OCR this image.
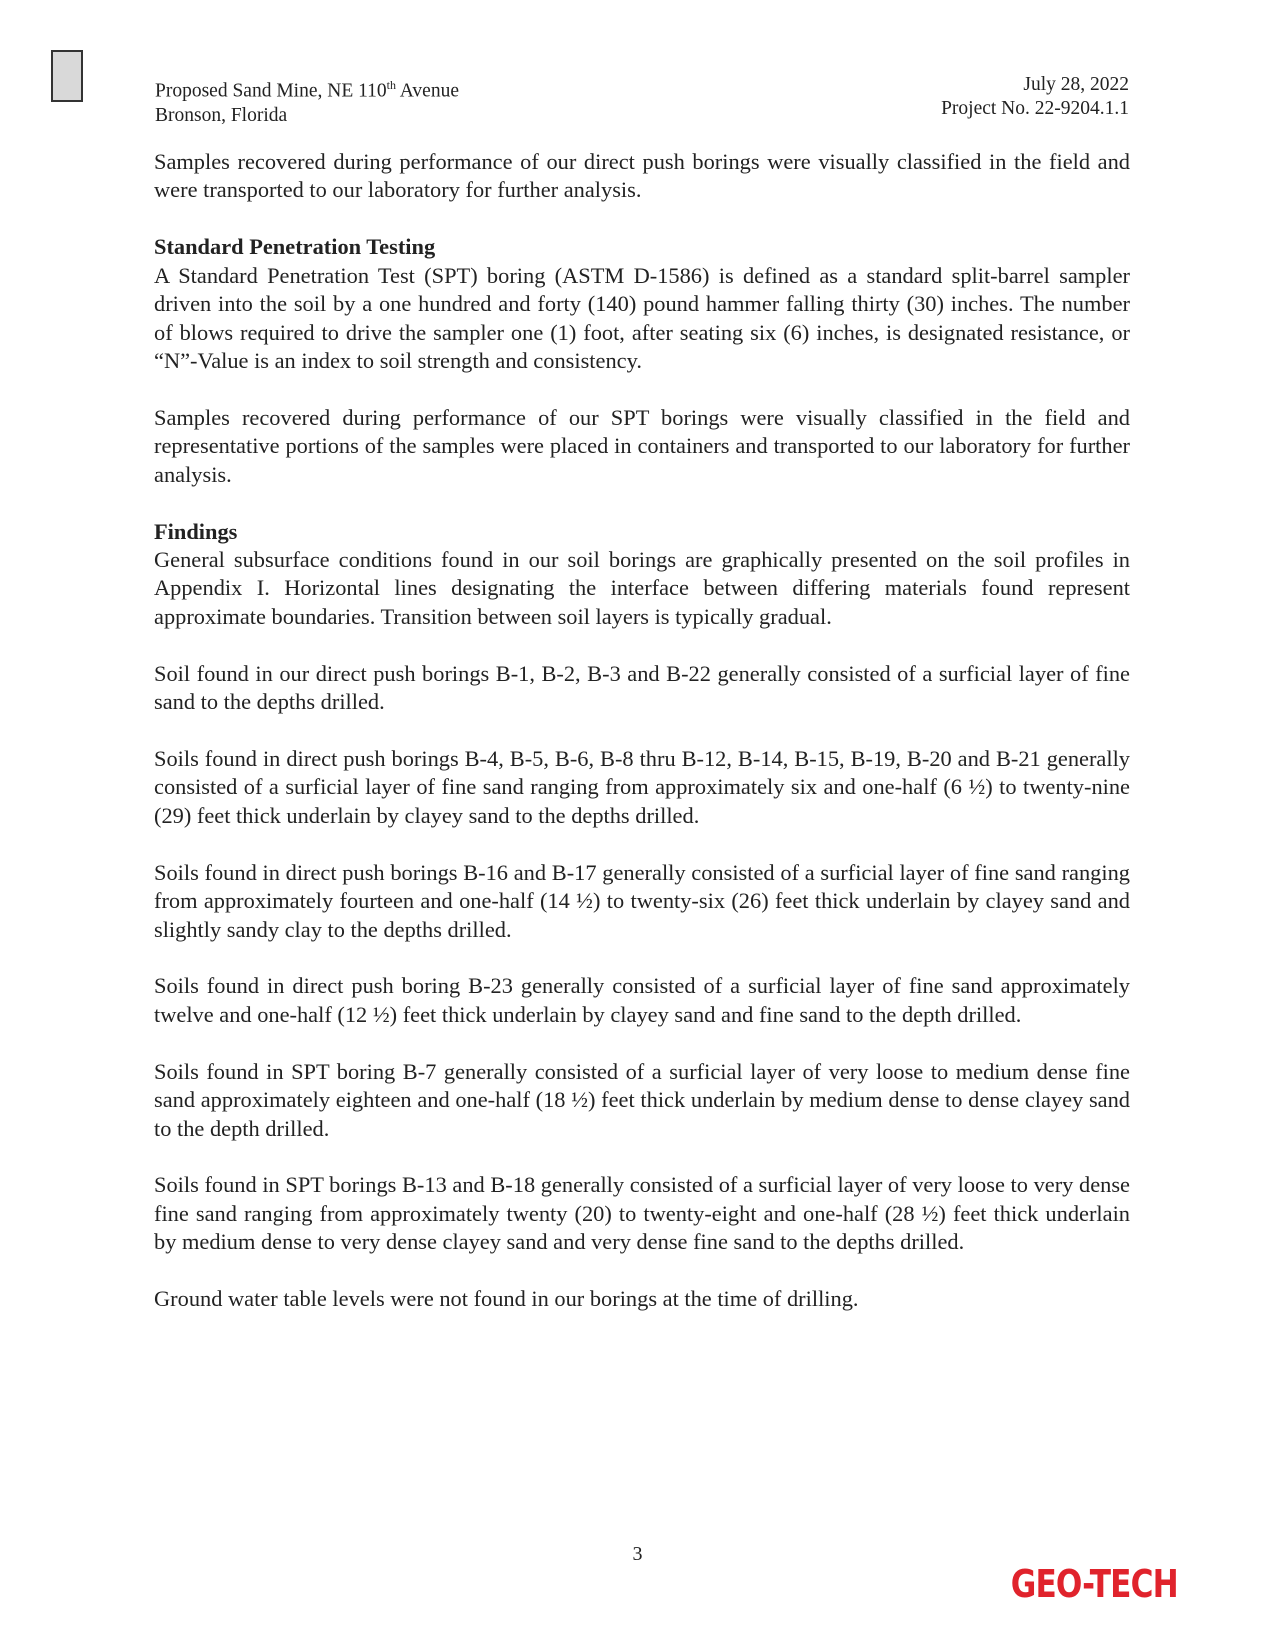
Proposed Sand Mine, NE 110th Avenue
Bronson, Florida
July 28, 2022
Project No. 22-9204.1.1

Samples recovered during performance of our direct push borings were visually classified in the field and were transported to our laboratory for further analysis.

Standard Penetration Testing

A Standard Penetration Test (SPT) boring (ASTM D-1586) is defined as a standard split-barrel sampler driven into the soil by a one hundred and forty (140) pound hammer falling thirty (30) inches. The number of blows required to drive the sampler one (1) foot, after seating six (6) inches, is designated resistance, or “N”-Value is an index to soil strength and consistency.

Samples recovered during performance of our SPT borings were visually classified in the field and representative portions of the samples were placed in containers and transported to our laboratory for further analysis.

Findings

General subsurface conditions found in our soil borings are graphically presented on the soil profiles in Appendix I. Horizontal lines designating the interface between differing materials found represent approximate boundaries. Transition between soil layers is typically gradual.

Soil found in our direct push borings B-1, B-2, B-3 and B-22 generally consisted of a surficial layer of fine sand to the depths drilled.

Soils found in direct push borings B-4, B-5, B-6, B-8 thru B-12, B-14, B-15, B-19, B-20 and B-21 generally consisted of a surficial layer of fine sand ranging from approximately six and one-half (6 ½) to twenty-nine (29) feet thick underlain by clayey sand to the depths drilled.

Soils found in direct push borings B-16 and B-17 generally consisted of a surficial layer of fine sand ranging from approximately fourteen and one-half (14 ½) to twenty-six (26) feet thick underlain by clayey sand and slightly sandy clay to the depths drilled.

Soils found in direct push boring B-23 generally consisted of a surficial layer of fine sand approximately twelve and one-half (12 ½) feet thick underlain by clayey sand and fine sand to the depth drilled.

Soils found in SPT boring B-7 generally consisted of a surficial layer of very loose to medium dense fine sand approximately eighteen and one-half (18 ½) feet thick underlain by medium dense to dense clayey sand to the depth drilled.

Soils found in SPT borings B-13 and B-18 generally consisted of a surficial layer of very loose to very dense fine sand ranging from approximately twenty (20) to twenty-eight and one-half (28 ½) feet thick underlain by medium dense to very dense clayey sand and very dense fine sand to the depths drilled.

Ground water table levels were not found in our borings at the time of drilling.

3
GEO-TECH
